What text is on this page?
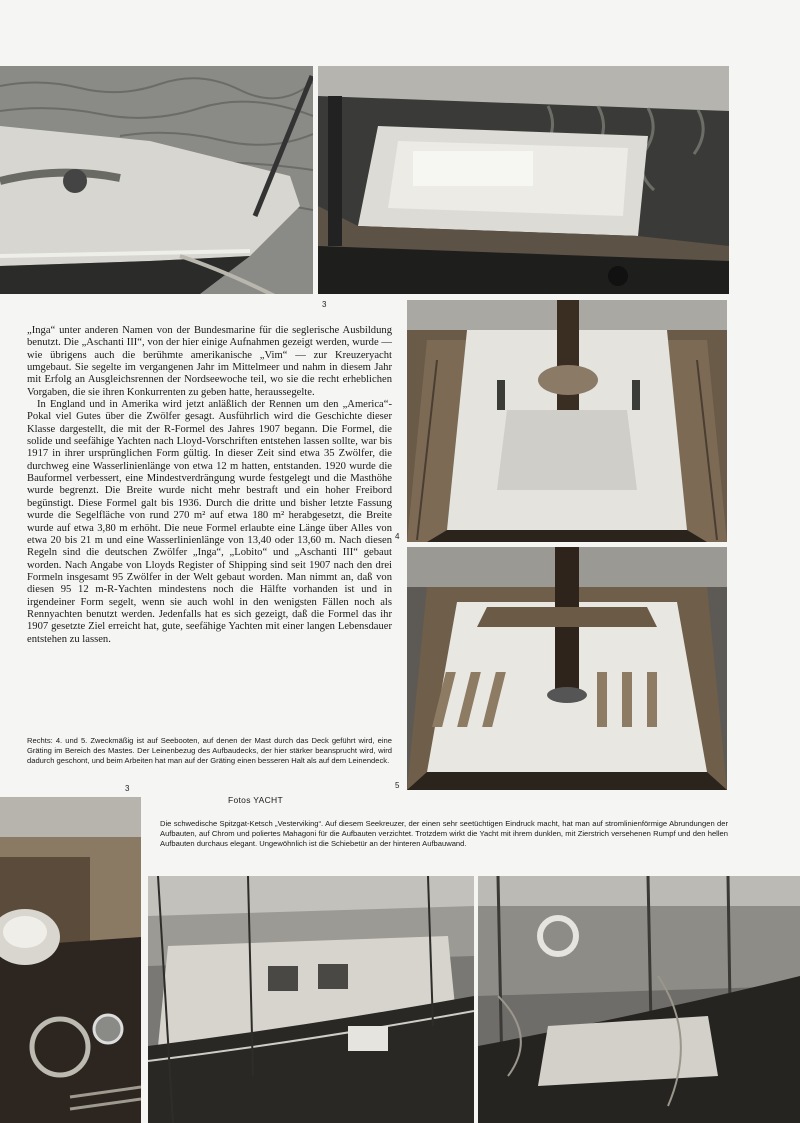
3

„Inga“ unter anderen Namen von der Bundesmarine für die seglerische Ausbildung benutzt. Die „Aschanti III“, von der hier einige Aufnahmen gezeigt werden, wurde — wie übrigens auch die berühmte amerikanische „Vim“ — zur Kreuzeryacht umgebaut. Sie segelte im vergangenen Jahr im Mittelmeer und nahm in diesem Jahr mit Erfolg an Ausgleichsrennen der Nordseewoche teil, wo sie die recht erheblichen Vorgaben, die sie ihren Konkurrenten zu geben hatte, heraussegelte.

In England und in Amerika wird jetzt anläßlich der Rennen um den „America“-Pokal viel Gutes über die Zwölfer gesagt. Ausführlich wird die Geschichte dieser Klasse dargestellt, die mit der R-Formel des Jahres 1907 begann. Die Formel, die solide und seefähige Yachten nach Lloyd-Vorschriften entstehen lassen sollte, war bis 1917 in ihrer ursprünglichen Form gültig. In dieser Zeit sind etwa 35 Zwölfer, die durchweg eine Wasserlinienlänge von etwa 12 m hatten, entstanden. 1920 wurde die Bauformel verbessert, eine Mindestverdrängung wurde festgelegt und die Masthöhe wurde begrenzt. Die Breite wurde nicht mehr bestraft und ein hoher Freibord begünstigt. Diese Formel galt bis 1936. Durch die dritte und bisher letzte Fassung wurde die Segelfläche von rund 270 m² auf etwa 180 m² herabgesetzt, die Breite wurde auf etwa 3,80 m erhöht. Die neue Formel erlaubte eine Länge über Alles von etwa 20 bis 21 m und eine Wasserlinienlänge von 13,40 oder 13,60 m. Nach diesen Regeln sind die deutschen Zwölfer „Inga“, „Lobito“ und „Aschanti III“ gebaut worden. Nach Angabe von Lloyds Register of Shipping sind seit 1907 nach den drei Formeln insgesamt 95 Zwölfer in der Welt gebaut worden. Man nimmt an, daß von diesen 95 12 m-R-Yachten mindestens noch die Hälfte vorhanden ist und in irgendeiner Form segelt, wenn sie auch wohl in den wenigsten Fällen noch als Rennyachten benutzt werden. Jedenfalls hat es sich gezeigt, daß die Formel das ihr 1907 gesetzte Ziel erreicht hat, gute, seefähige Yachten mit einer langen Lebensdauer entstehen zu lassen.

4
5
Rechts: 4. und 5. Zweckmäßig ist auf Seebooten, auf denen der Mast durch das Deck geführt wird, eine Gräting im Bereich des Mastes. Der Leinenbezug des Aufbaudecks, der hier stärker beansprucht wird, wird dadurch geschont, und beim Arbeiten hat man auf der Gräting einen besseren Halt als auf dem Leinendeck.
3
Fotos YACHT
Die schwedische Spitzgat-Ketsch „Vesterviking“. Auf diesem Seekreuzer, der einen sehr seetüchtigen Eindruck macht, hat man auf stromlinienförmige Abrundungen der Aufbauten, auf Chrom und poliertes Mahagoni für die Aufbauten verzichtet. Trotzdem wirkt die Yacht mit ihrem dunklen, mit Zierstrich versehenen Rumpf und den hellen Aufbauten durchaus elegant. Ungewöhnlich ist die Schiebetür an der hinteren Aufbauwand.
